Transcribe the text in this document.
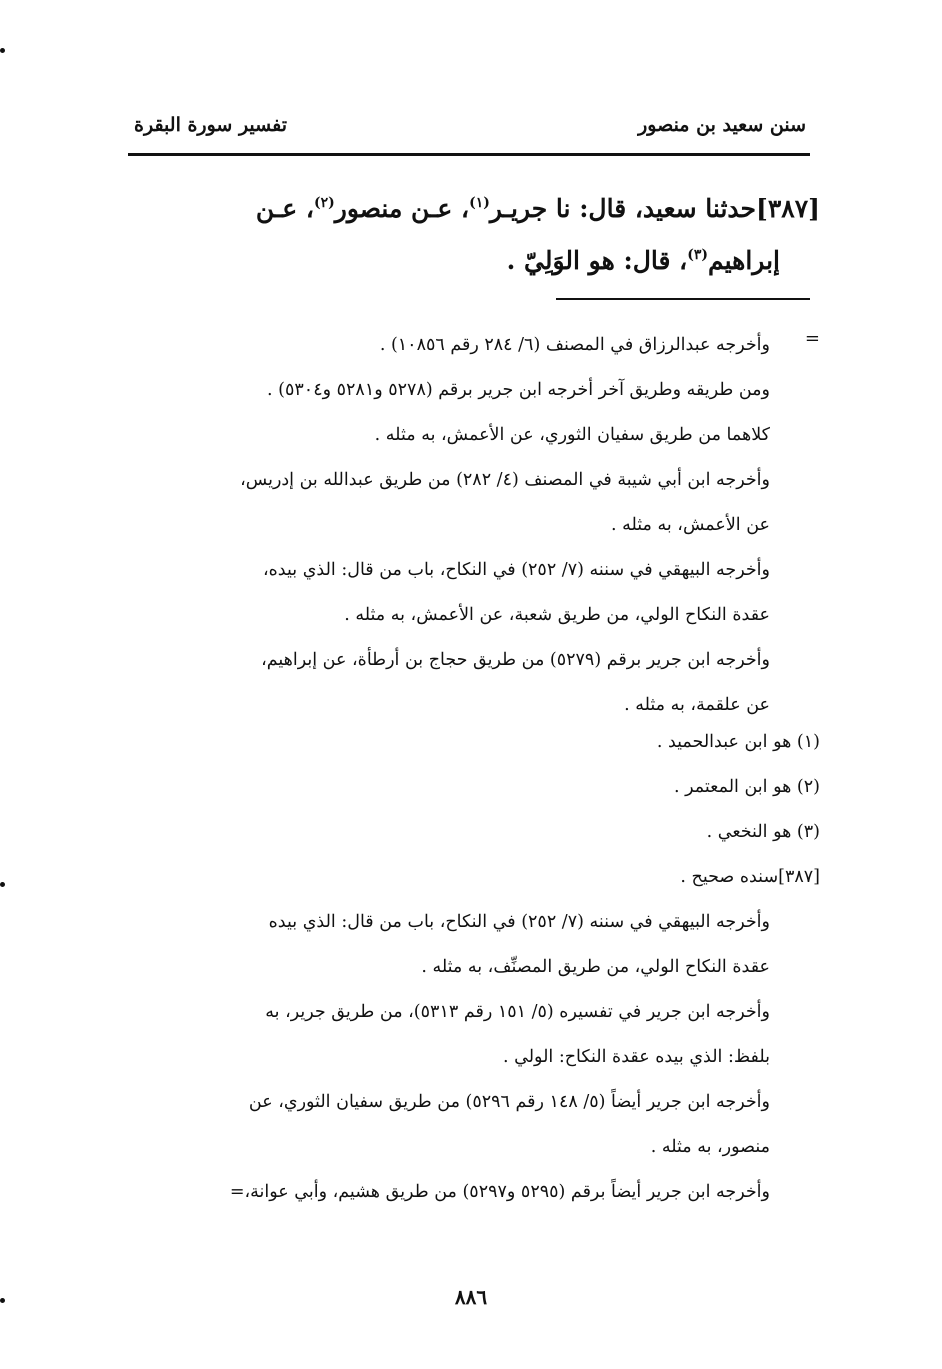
سنن سعيد بن منصور
تفسير سورة البقرة
[٣٨٧]حدثنا سعيد، قال: نا جريـر$^{(١)}$، عـن منصور$^{(٢)}$، عـن
إبراهيم$^{(٣)}$، قال: هو الوَلِيّ .
=
وأخرجه عبدالرزاق في المصنف (٦/ ٢٨٤ رقم ١٠٨٥٦) .
ومن طريقه وطريق آخر أخرجه ابن جرير برقم (٥٢٧٨ و٥٢٨١ و٥٣٠٤) .
كلاهما من طريق سفيان الثوري، عن الأعمش، به مثله .
وأخرجه ابن أبي شيبة في المصنف (٤/ ٢٨٢) من طريق عبدالله بن إدريس،
عن الأعمش، به مثله .
وأخرجه البيهقي في سننه (٧/ ٢٥٢) في النكاح، باب من قال: الذي بيده،
عقدة النكاح الولي، من طريق شعبة، عن الأعمش، به مثله .
وأخرجه ابن جرير برقم (٥٢٧٩) من طريق حجاج بن أرطأة، عن إبراهيم،
عن علقمة، به مثله .
(١) هو ابن عبدالحميد .
(٢) هو ابن المعتمر .
(٣) هو النخعي .
[٣٨٧]سنده صحيح .
وأخرجه البيهقي في سننه (٧/ ٢٥٢) في النكاح، باب من قال: الذي بيده
عقدة النكاح الولي، من طريق المصنِّف، به مثله .
وأخرجه ابن جرير في تفسيره (٥/ ١٥١ رقم ٥٣١٣)، من طريق جرير، به
بلفظ: الذي بيده عقدة النكاح: الولي .
وأخرجه ابن جرير أيضاً (٥/ ١٤٨ رقم ٥٢٩٦) من طريق سفيان الثوري، عن
منصور، به مثله .
وأخرجه ابن جرير أيضاً برقم (٥٢٩٥ و٥٢٩٧) من طريق هشيم، وأبي عوانة،=
٨٨٦
